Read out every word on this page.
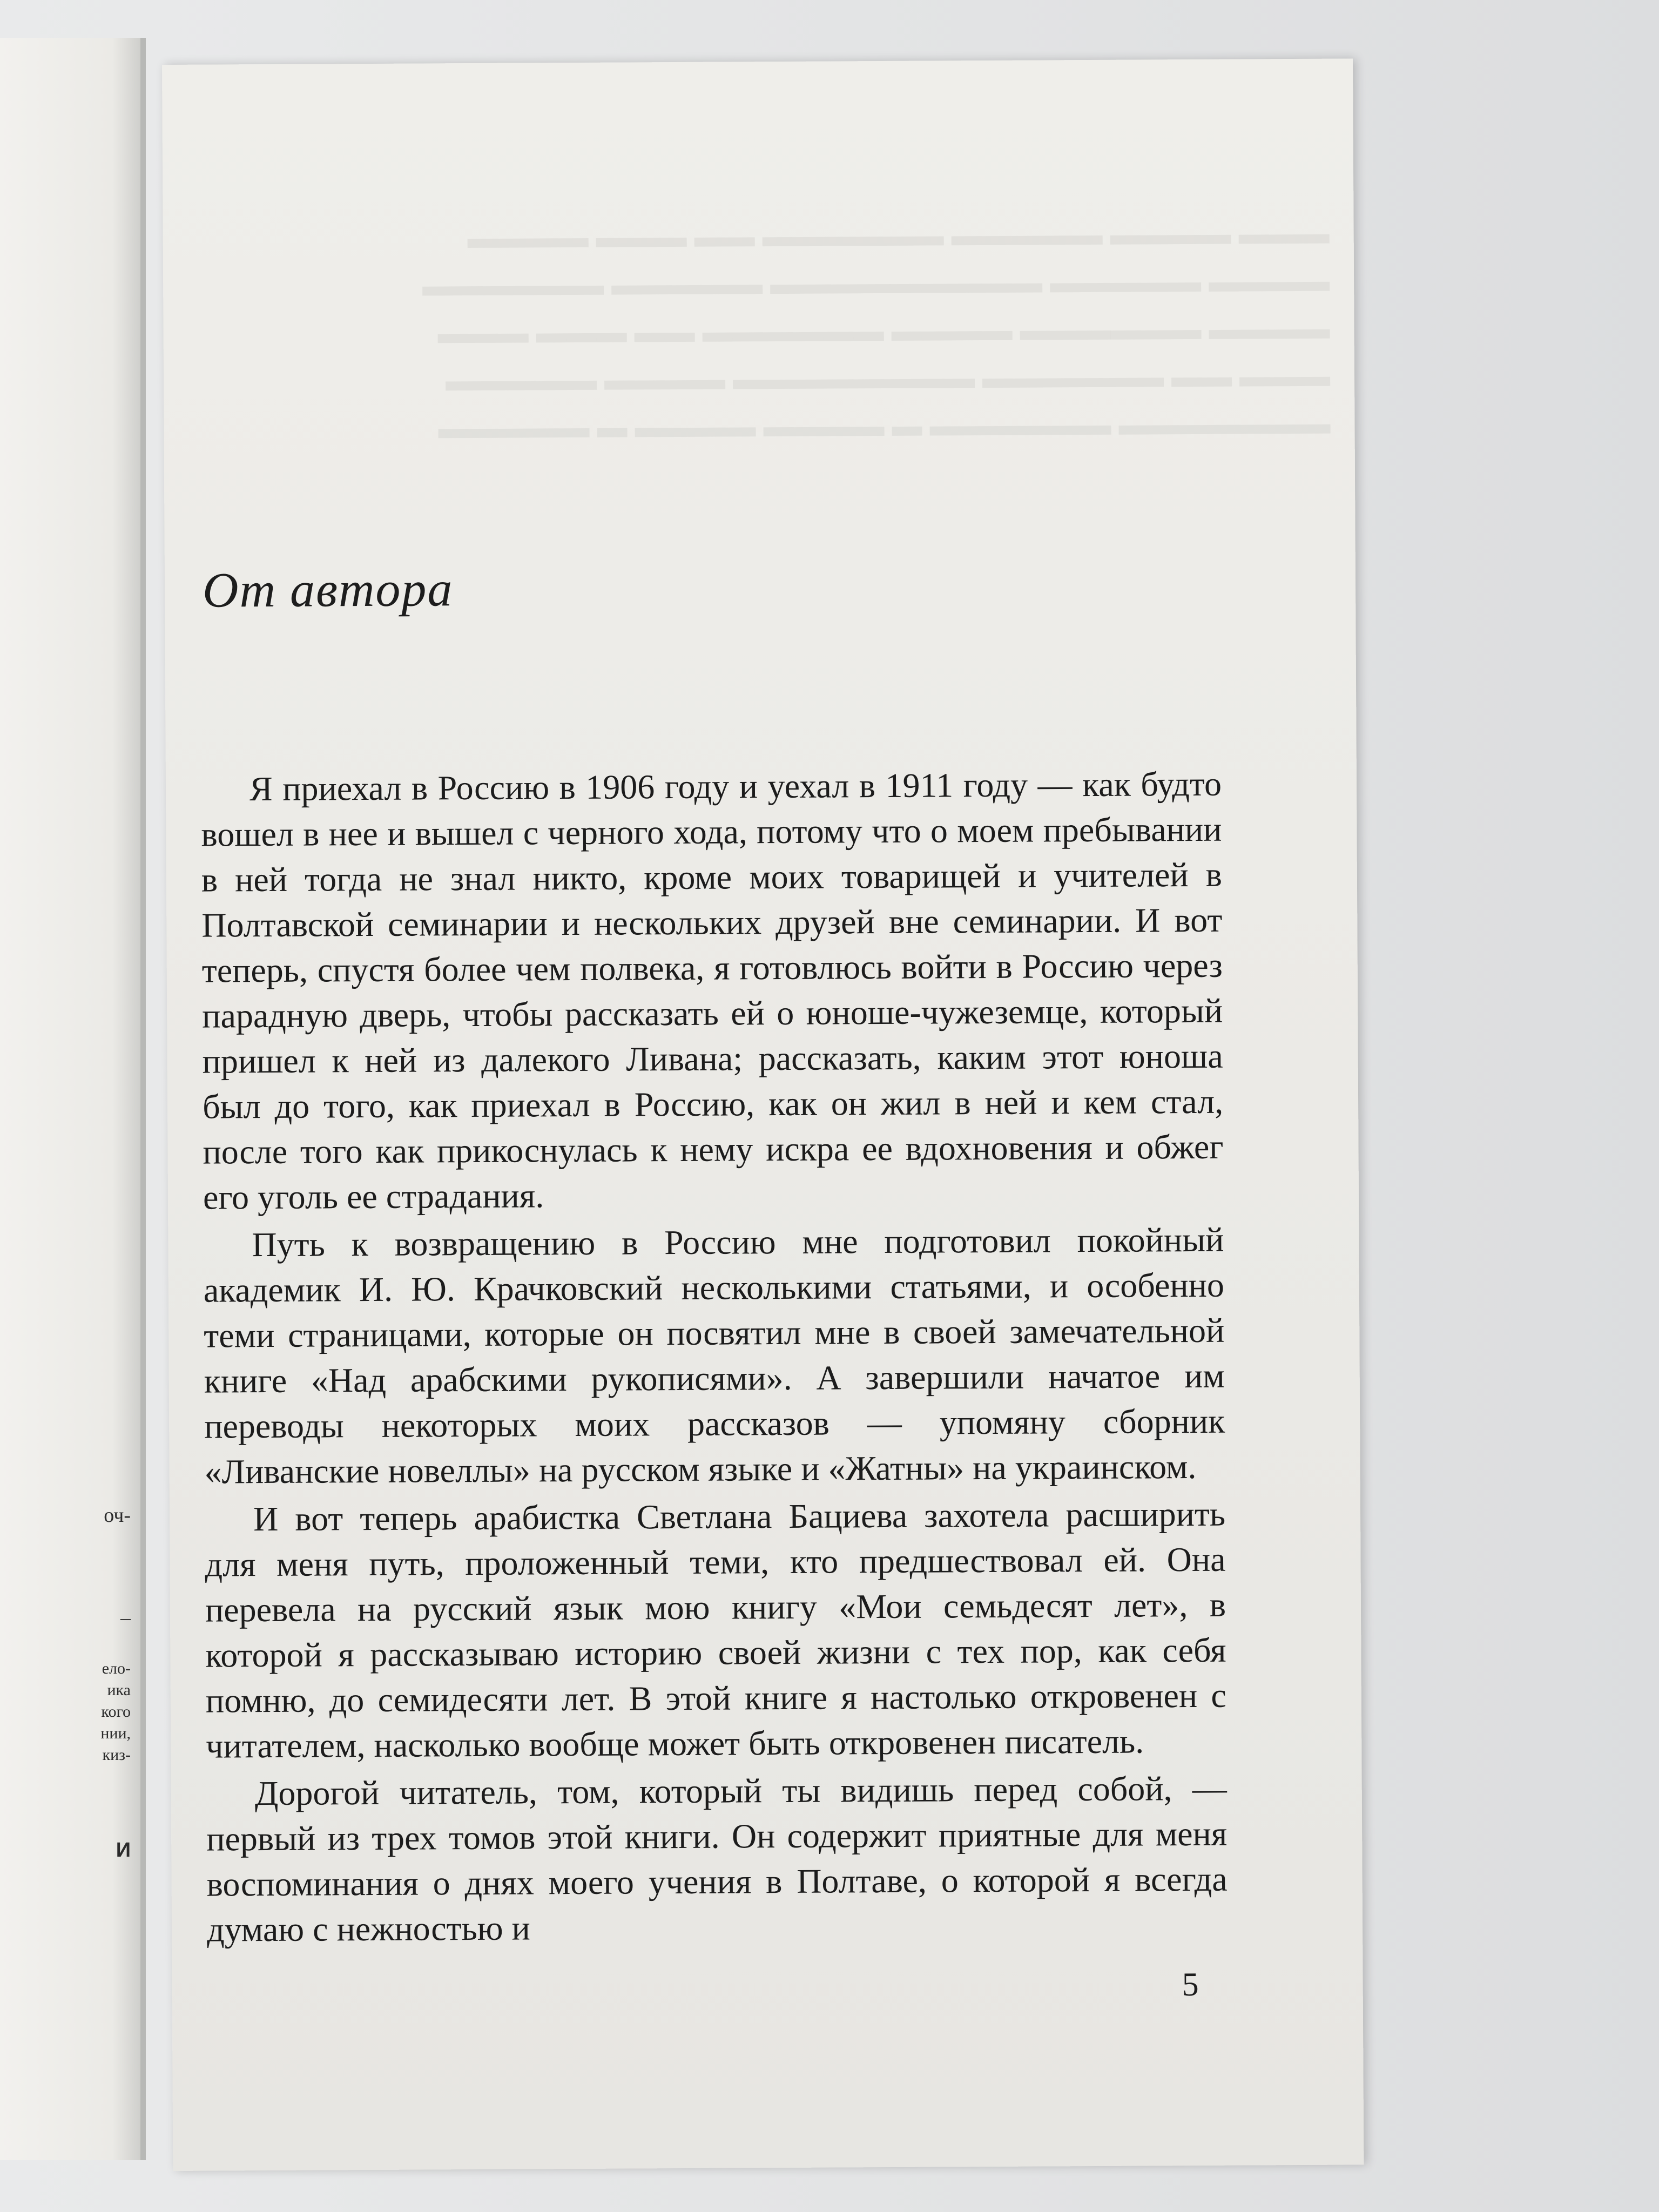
оч-
–
ело-
ика
кого
нии,
киз-
И
▬▬▬ ▬▬▬▬ ▬▬▬▬▬ ▬▬▬▬▬▬ ▬▬ ▬▬▬ ▬▬▬▬
▬▬▬▬ ▬▬▬▬▬ ▬▬▬▬▬▬▬▬▬ ▬▬▬▬▬ ▬▬▬▬▬▬
▬▬▬▬ ▬▬▬▬▬▬ ▬▬▬▬ ▬▬▬▬▬▬ ▬▬ ▬▬▬ ▬▬▬
▬▬▬ ▬▬ ▬▬▬▬▬▬ ▬▬▬▬▬▬▬▬ ▬▬▬▬ ▬▬▬▬▬
▬▬▬▬▬▬▬ ▬▬▬▬▬▬ ▬ ▬▬▬▬ ▬▬▬▬ ▬ ▬▬▬▬▬
От автора

Я приехал в Россию в 1906 году и уехал в 1911 году — как будто вошел в нее и вышел с черного хода, потому что о моем пребывании в ней тогда не знал никто, кроме моих товарищей и учителей в Полтавской семинарии и нескольких друзей вне семинарии. И вот теперь, спустя более чем полвека, я готовлюсь войти в Россию через парадную дверь, чтобы рассказать ей о юноше-чужеземце, который пришел к ней из далекого Ливана; рассказать, каким этот юноша был до того, как приехал в Россию, как он жил в ней и кем стал, после того как прикоснулась к нему искра ее вдохновения и обжег его уголь ее страдания.

Путь к возвращению в Россию мне подготовил покойный академик И. Ю. Крачковский несколькими статьями, и особенно теми страницами, которые он посвятил мне в своей замечательной книге «Над арабскими рукописями». А завершили начатое им переводы некоторых моих рассказов — упомяну сборник «Ливанские новеллы» на русском языке и «Жатны» на украинском.

И вот теперь арабистка Светлана Бациева захотела расширить для меня путь, проложенный теми, кто предшествовал ей. Она перевела на русский язык мою книгу «Мои семьдесят лет», в которой я рассказываю историю своей жизни с тех пор, как себя помню, до семидесяти лет. В этой книге я настолько откровенен с читателем, насколько вообще может быть откровенен писатель.

Дорогой читатель, том, который ты видишь перед собой, — первый из трех томов этой книги. Он содержит приятные для меня воспоминания о днях моего учения в Полтаве, о которой я всегда думаю с нежностью и

5
